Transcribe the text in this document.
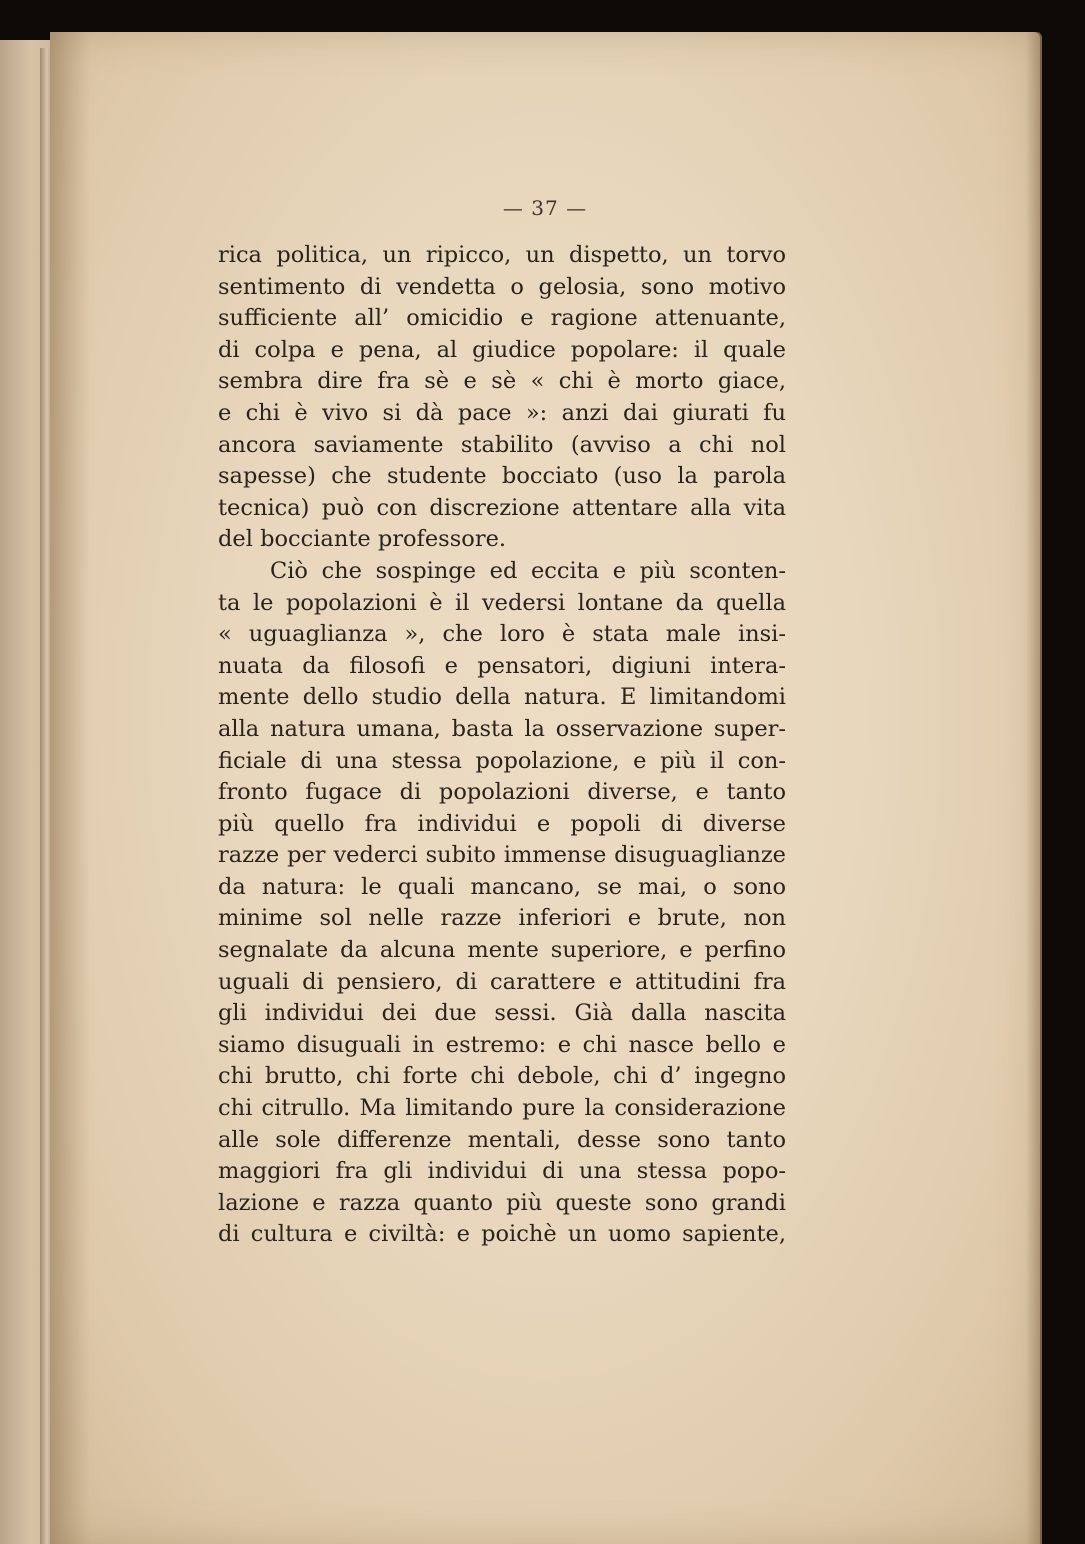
— 37 —
rica politica, un ripicco, un dispetto, un torvo
sentimento di vendetta o gelosia, sono motivo
sufficiente all’ omicidio e ragione attenuante,
di colpa e pena, al giudice popolare: il quale
sembra dire fra sè e sè « chi è morto giace,
e chi è vivo si dà pace »: anzi dai giurati fu
ancora saviamente stabilito (avviso a chi nol
sapesse) che studente bocciato (uso la parola
tecnica) può con discrezione attentare alla vita
del bocciante professore.
Ciò che sospinge ed eccita e più sconten-
ta le popolazioni è il vedersi lontane da quella
« uguaglianza », che loro è stata male insi-
nuata da filosofi e pensatori, digiuni intera-
mente dello studio della natura. E limitandomi
alla natura umana, basta la osservazione super-
ficiale di una stessa popolazione, e più il con-
fronto fugace di popolazioni diverse, e tanto
più quello fra individui e popoli di diverse
razze per vederci subito immense disuguaglianze
da natura: le quali mancano, se mai, o sono
minime sol nelle razze inferiori e brute, non
segnalate da alcuna mente superiore, e perfino
uguali di pensiero, di carattere e attitudini fra
gli individui dei due sessi. Già dalla nascita
siamo disuguali in estremo: e chi nasce bello e
chi brutto, chi forte chi debole, chi d’ ingegno
chi citrullo. Ma limitando pure la considerazione
alle sole differenze mentali, desse sono tanto
maggiori fra gli individui di una stessa popo-
lazione e razza quanto più queste sono grandi
di cultura e civiltà: e poichè un uomo sapiente,
